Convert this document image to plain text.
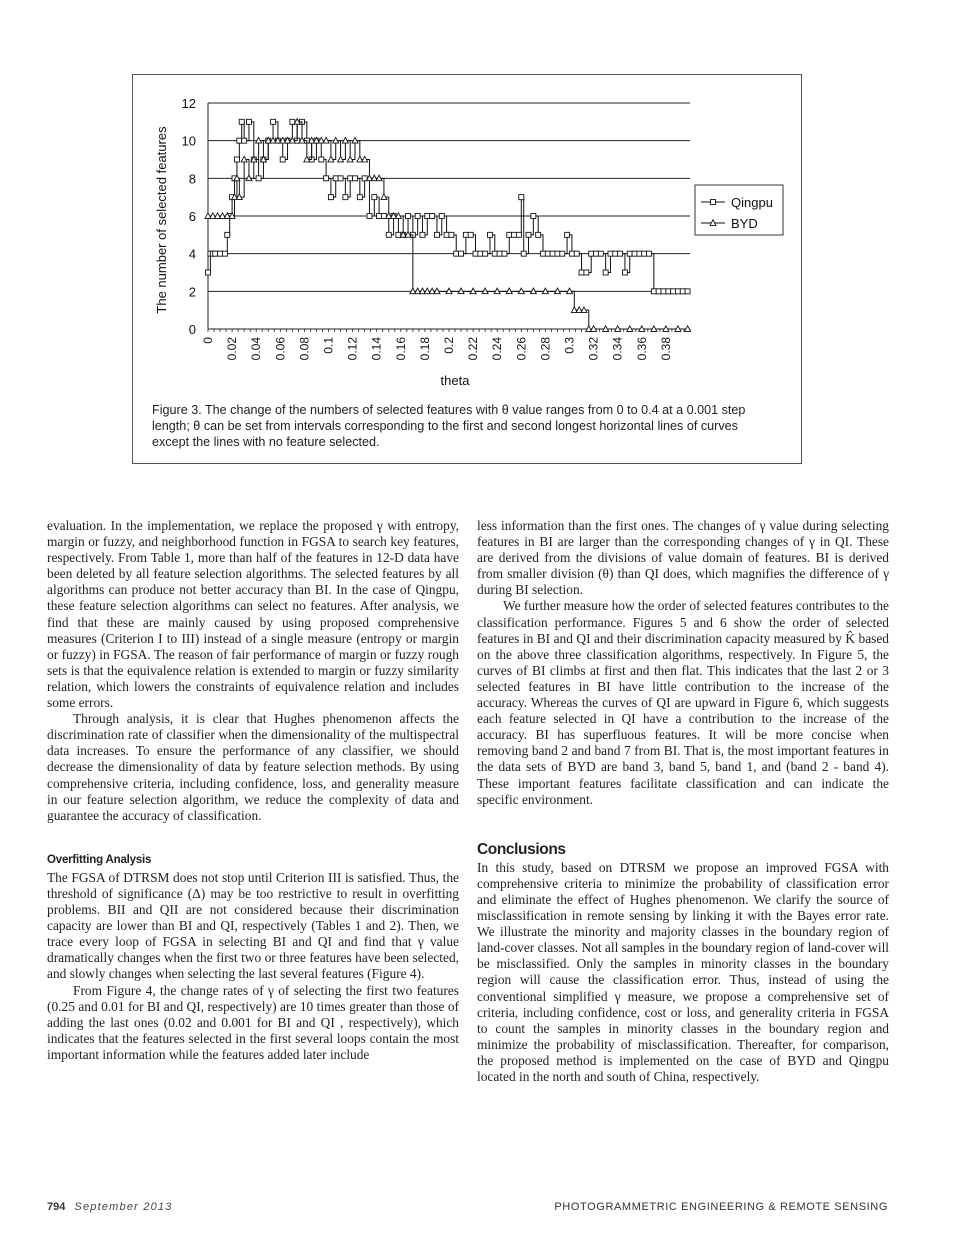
0
2
4
6
8
10
12
0 0.02 0.04 0.06 0.08 0.1 0.12 0.14 0.16 0.18 0.2 0.22 0.24 0.26 0.28 0.3 0.32 0.34 0.36 0.38
theta
The number of selected features	Qingpu
BYD
Figure 3. The change of the numbers of selected features with θ value ranges from 0 to 0.4 at a 0.001 step length; θ can be set from intervals corresponding to the first and second longest horizontal lines of curves except the lines with no feature selected.

evaluation. In the implementation, we replace the proposed γ with entropy, margin or fuzzy, and neighborhood function in FGSA to search key features, respectively. From Table 1, more than half of the features in 12-D data have been deleted by all feature selection algorithms. The selected features by all algorithms can produce not better accuracy than BI. In the case of Qingpu, these feature selection algorithms can select no features. After analysis, we find that these are mainly caused by using proposed comprehensive measures (Criterion I to III) instead of a single measure (entropy or margin or fuzzy) in FGSA. The reason of fair performance of margin or fuzzy rough sets is that the equivalence relation is extended to margin or fuzzy similarity relation, which lowers the constraints of equivalence relation and includes some errors.

Through analysis, it is clear that Hughes phenomenon affects the discrimination rate of classifier when the dimensionality of the multispectral data increases. To ensure the performance of any classifier, we should decrease the dimensionality of data by feature selection methods. By using comprehensive criteria, including confidence, loss, and generality measure in our feature selection algorithm, we reduce the complexity of data and guarantee the accuracy of classification.

Overfitting Analysis

The FGSA of DTRSM does not stop until Criterion III is satisfied. Thus, the threshold of significance (Δ) may be too restrictive to result in overfitting problems. BII and QII are not considered because their discrimination capacity are lower than BI and QI, respectively (Tables 1 and 2). Then, we trace every loop of FGSA in selecting BI and QI and find that γ value dramatically changes when the first two or three features have been selected, and slowly changes when selecting the last several features (Figure 4).

From Figure 4, the change rates of γ of selecting the first two features (0.25 and 0.01 for BI and QI, respectively) are 10 times greater than those of adding the last ones (0.02 and 0.001 for BI and QI , respectively), which indicates that the features selected in the first several loops contain the most important information while the features added later include

less information than the first ones. The changes of γ value during selecting features in BI are larger than the corresponding changes of γ in QI. These are derived from the divisions of value domain of features. BI is derived from smaller division (θ) than QI does, which magnifies the difference of γ during BI selection.

We further measure how the order of selected features contributes to the classification performance. Figures 5 and 6 show the order of selected features in BI and QI and their discrimination capacity measured by K̂ based on the above three classification algorithms, respectively. In Figure 5, the curves of BI climbs at first and then flat. This indicates that the last 2 or 3 selected features in BI have little contribution to the increase of the accuracy. Whereas the curves of QI are upward in Figure 6, which suggests each feature selected in QI have a contribution to the increase of the accuracy. BI has superfluous features. It will be more concise when removing band 2 and band 7 from BI. That is, the most important features in the data sets of BYD are band 3, band 5, band 1, and (band 2 - band 4). These important features facilitate classification and can indicate the specific environment.

Conclusions

In this study, based on DTRSM we propose an improved FGSA with comprehensive criteria to minimize the probability of classification error and eliminate the effect of Hughes phenomenon. We clarify the source of misclassification in remote sensing by linking it with the Bayes error rate. We illustrate the minority and majority classes in the boundary region of land-cover classes. Not all samples in the boundary region of land-cover will be misclassified. Only the samples in minority classes in the boundary region will cause the classification error. Thus, instead of using the conventional simplified γ measure, we propose a comprehensive set of criteria, including confidence, cost or loss, and generality criteria in FGSA to count the samples in minority classes in the boundary region and minimize the probability of misclassification. Thereafter, for comparison, the proposed method is implemented on the case of BYD and Qingpu located in the north and south of China, respectively.

794 September 2013	PHOTOGRAMMETRIC ENGINEERING & REMOTE SENSING
